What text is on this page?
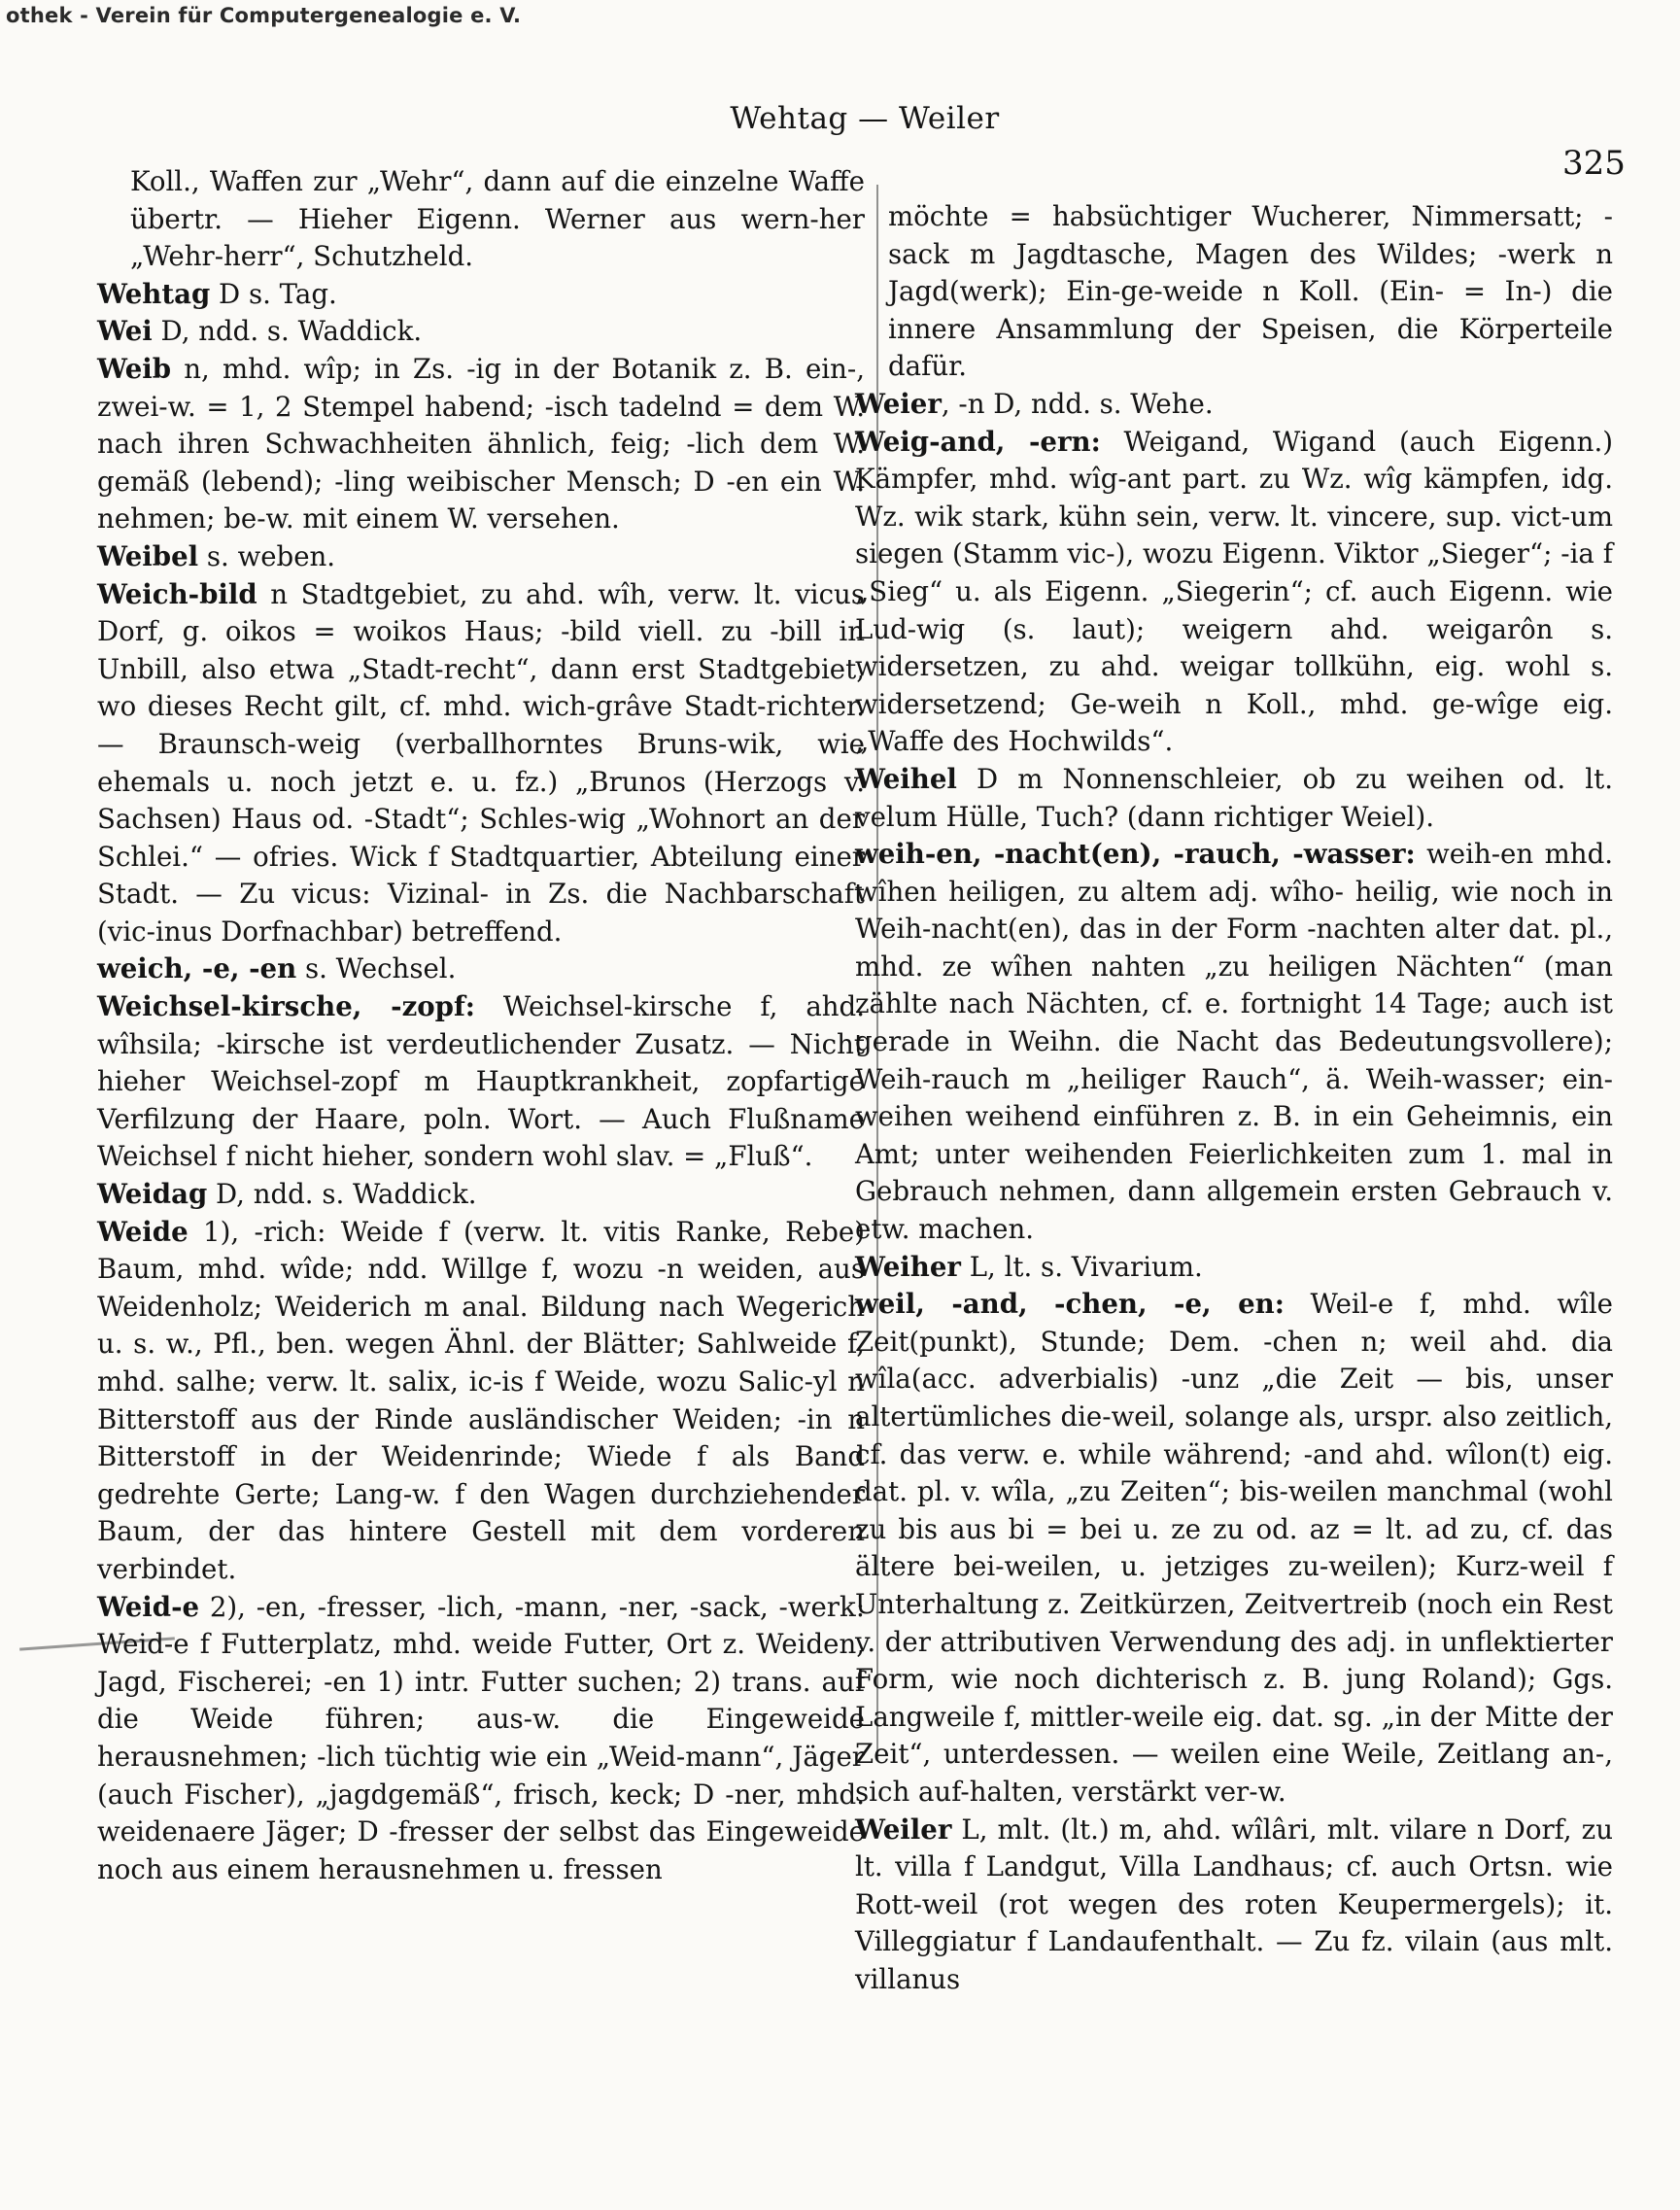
othek - Verein für Computergenealogie e. V.
Wehtag — Weiler
325

Koll., Waffen zur „Wehr“, dann auf die einzelne Waffe übertr. — Hieher Eigenn. Werner aus wern-her „Wehr-herr“, Schutzheld.

Wehtag D s. Tag.

Wei D, ndd. s. Waddick.

Weib n, mhd. wîp; in Zs. -ig in der Botanik z. B. ein-, zwei-w. = 1, 2 Stempel habend; -isch tadelnd = dem W. nach ihren Schwachheiten ähnlich, feig; -lich dem W. gemäß (lebend); -ling weibischer Mensch; D -en ein W. nehmen; be-w. mit einem W. versehen.

Weibel s. weben.

Weich-bild n Stadtgebiet, zu ahd. wîh, verw. lt. vicus Dorf, g. oikos = woikos Haus; -bild viell. zu -bill in Unbill, also etwa „Stadt-recht“, dann erst Stadtgebiet, wo dieses Recht gilt, cf. mhd. wich-grâve Stadt-richter. — Braunsch-weig (verballhorntes Bruns-wik, wie ehemals u. noch jetzt e. u. fz.) „Brunos (Herzogs v. Sachsen) Haus od. -Stadt“; Schles-wig „Wohnort an der Schlei.“ — ofries. Wick f Stadtquartier, Abteilung einer Stadt. — Zu vicus: Vizinal- in Zs. die Nachbarschaft (vic-inus Dorfnachbar) betreffend.

weich, -e, -en s. Wechsel.

Weichsel-kirsche, -zopf: Weichsel-kirsche f, ahd. wîhsila; -kirsche ist verdeutlichender Zusatz. — Nicht hieher Weichsel-zopf m Hauptkrankheit, zopfartige Verfilzung der Haare, poln. Wort. — Auch Flußname Weichsel f nicht hieher, sondern wohl slav. = „Fluß“.

Weidag D, ndd. s. Waddick.

Weide 1), -rich: Weide f (verw. lt. vitis Ranke, Rebe) Baum, mhd. wîde; ndd. Willge f, wozu -n weiden, aus Weidenholz; Weiderich m anal. Bildung nach Wegerich u. s. w., Pfl., ben. wegen Ähnl. der Blätter; Sahlweide f, mhd. salhe; verw. lt. salix, ic-is f Weide, wozu Salic-yl n Bitterstoff aus der Rinde ausländischer Weiden; -in n Bitterstoff in der Weidenrinde; Wiede f als Band gedrehte Gerte; Lang-w. f den Wagen durchziehender Baum, der das hintere Gestell mit dem vorderen verbindet.

Weid-e 2), -en, -fresser, -lich, -mann, -ner, -sack, -werk: Weid-e f Futterplatz, mhd. weide Futter, Ort z. Weiden, Jagd, Fischerei; -en 1) intr. Futter suchen; 2) trans. auf die Weide führen; aus-w. die Eingeweide herausnehmen; -lich tüchtig wie ein „Weid-mann“, Jäger (auch Fischer), „jagdgemäß“, frisch, keck; D -ner, mhd. weidenaere Jäger; D -fresser der selbst das Eingeweide noch aus einem herausnehmen u. fressen

möchte = habsüchtiger Wucherer, Nimmersatt; -sack m Jagdtasche, Magen des Wildes; -werk n Jagd(werk); Ein-ge-weide n Koll. (Ein- = In-) die innere Ansammlung der Speisen, die Körperteile dafür.

Weier, -n D, ndd. s. Wehe.

Weig-and, -ern: Weigand, Wigand (auch Eigenn.) Kämpfer, mhd. wîg-ant part. zu Wz. wîg kämpfen, idg. Wz. wik stark, kühn sein, verw. lt. vincere, sup. vict-um siegen (Stamm vic-), wozu Eigenn. Viktor „Sieger“; -ia f „Sieg“ u. als Eigenn. „Siegerin“; cf. auch Eigenn. wie Lud-wig (s. laut); weigern ahd. weigarôn s. widersetzen, zu ahd. weigar tollkühn, eig. wohl s. widersetzend; Ge-weih n Koll., mhd. ge-wîge eig. „Waffe des Hochwilds“.

Weihel D m Nonnenschleier, ob zu weihen od. lt. velum Hülle, Tuch? (dann richtiger Weiel).

weih-en, -nacht(en), -rauch, -wasser: weih-en mhd. wîhen heiligen, zu altem adj. wîho- heilig, wie noch in Weih-nacht(en), das in der Form -nachten alter dat. pl., mhd. ze wîhen nahten „zu heiligen Nächten“ (man zählte nach Nächten, cf. e. fortnight 14 Tage; auch ist gerade in Weihn. die Nacht das Bedeutungsvollere); Weih-rauch m „heiliger Rauch“, ä. Weih-wasser; ein-weihen weihend einführen z. B. in ein Geheimnis, ein Amt; unter weihenden Feierlichkeiten zum 1. mal in Gebrauch nehmen, dann allgemein ersten Gebrauch v. etw. machen.

Weiher L, lt. s. Vivarium.

weil, -and, -chen, -e, en: Weil-e f, mhd. wîle Zeit(punkt), Stunde; Dem. -chen n; weil ahd. dia wîla(acc. adverbialis) -unz „die Zeit — bis, unser altertümliches die-weil, solange als, urspr. also zeitlich, cf. das verw. e. while während; -and ahd. wîlon(t) eig. dat. pl. v. wîla, „zu Zeiten“; bis-weilen manchmal (wohl zu bis aus bi = bei u. ze zu od. az = lt. ad zu, cf. das ältere bei-weilen, u. jetziges zu-weilen); Kurz-weil f Unterhaltung z. Zeitkürzen, Zeitvertreib (noch ein Rest v. der attributiven Verwendung des adj. in unflektierter Form, wie noch dichterisch z. B. jung Roland); Ggs. Langweile f, mittler-weile eig. dat. sg. „in der Mitte der Zeit“, unterdessen. — weilen eine Weile, Zeitlang an-, sich auf-halten, verstärkt ver-w.

Weiler L, mlt. (lt.) m, ahd. wîlâri, mlt. vilare n Dorf, zu lt. villa f Landgut, Villa Landhaus; cf. auch Ortsn. wie Rott-weil (rot wegen des roten Keupermergels); it. Villeggiatur f Landaufenthalt. — Zu fz. vilain (aus mlt. villanus
